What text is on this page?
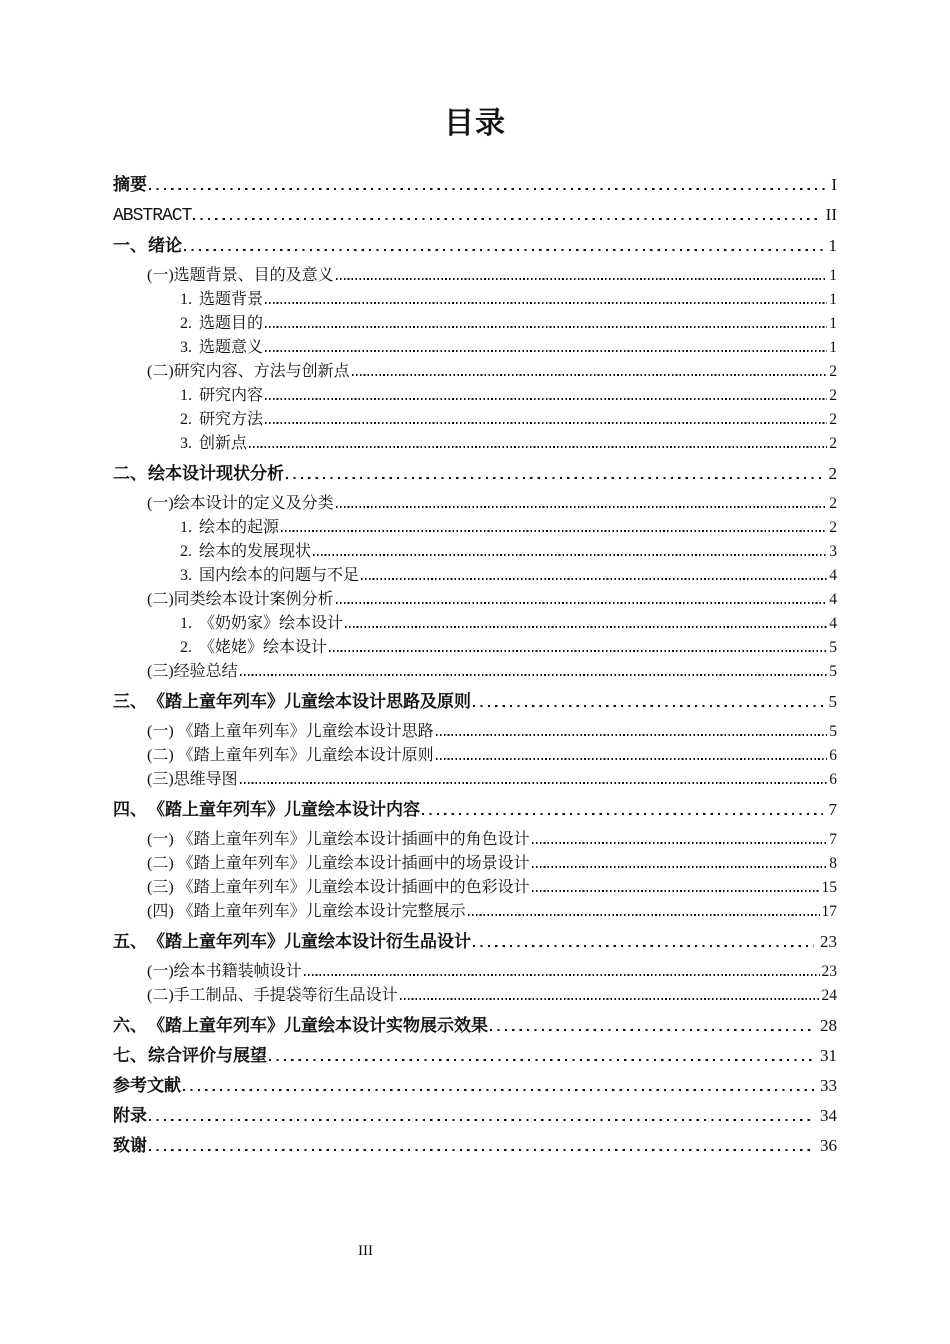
目录
摘要	I
ABSTRACT	II
一、 绪论	1
(一)选题背景、目的及意义	1
1. 选题背景	1
2. 选题目的	1
3. 选题意义	1
(二)研究内容、方法与创新点	2
1. 研究内容	2
2. 研究方法	2
3. 创新点	2
二、 绘本设计现状分析	2
(一)绘本设计的定义及分类	2
1. 绘本的起源	2
2. 绘本的发展现状	3
3. 国内绘本的问题与不足	4
(二)同类绘本设计案例分析	4
1. 《奶奶家》绘本设计	4
2. 《姥姥》绘本设计	5
(三)经验总结	5
三、 《踏上童年列车》儿童绘本设计思路及原则	5
(一) 《踏上童年列车》儿童绘本设计思路	5
(二) 《踏上童年列车》儿童绘本设计原则	6
(三)思维导图	6
四、 《踏上童年列车》儿童绘本设计内容	7
(一) 《踏上童年列车》儿童绘本设计插画中的角色设计	7
(二) 《踏上童年列车》儿童绘本设计插画中的场景设计	8
(三) 《踏上童年列车》儿童绘本设计插画中的色彩设计	15
(四) 《踏上童年列车》儿童绘本设计完整展示	17
五、 《踏上童年列车》儿童绘本设计衍生品设计	23
(一)绘本书籍装帧设计	23
(二)手工制品、手提袋等衍生品设计	24
六、 《踏上童年列车》儿童绘本设计实物展示效果	28
七、 综合评价与展望	31
参考文献	33
附录	34
致谢	36
III
